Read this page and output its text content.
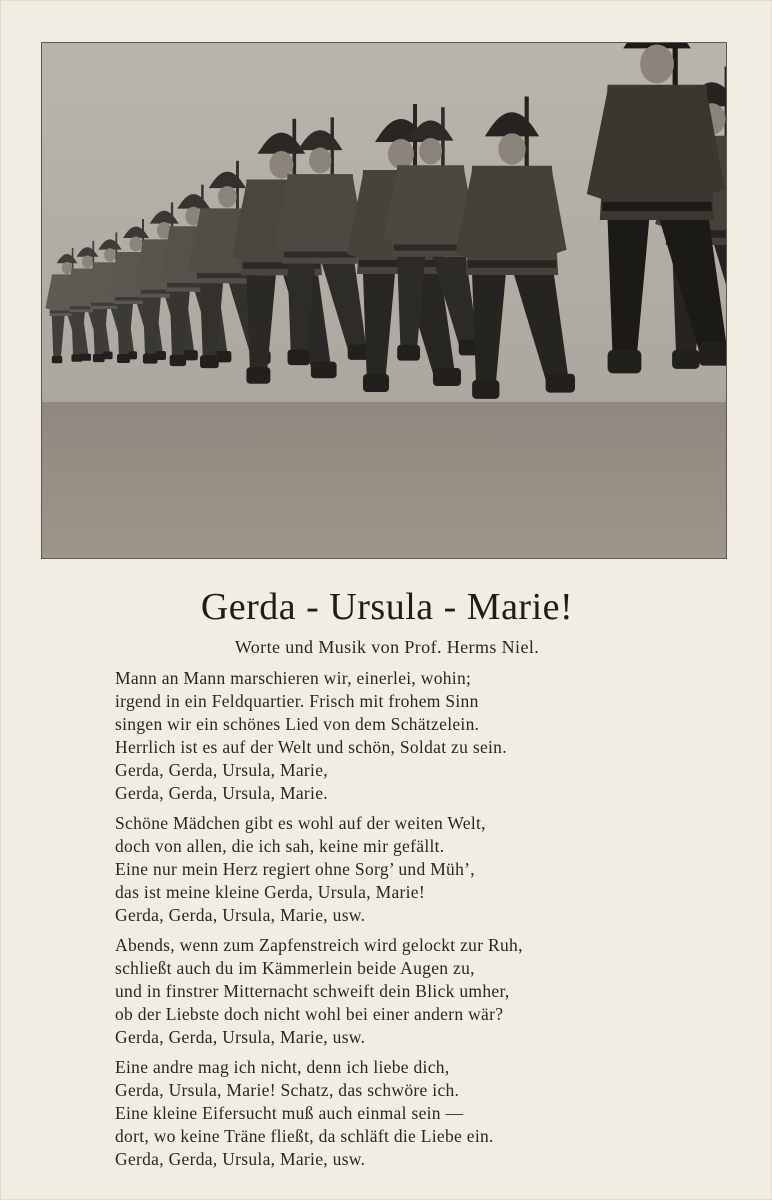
Gerda - Ursula - Marie!
Worte und Musik von Prof. Herms Niel.
Mann an Mann marschieren wir, einerlei, wohin;
irgend in ein Feldquartier. Frisch mit frohem Sinn
singen wir ein schönes Lied von dem Schätzelein.
Herrlich ist es auf der Welt und schön, Soldat zu sein.
Gerda, Gerda, Ursula, Marie,
Gerda, Gerda, Ursula, Marie.
Schöne Mädchen gibt es wohl auf der weiten Welt,
doch von allen, die ich sah, keine mir gefällt.
Eine nur mein Herz regiert ohne Sorg’ und Müh’,
das ist meine kleine Gerda, Ursula, Marie!
Gerda, Gerda, Ursula, Marie, usw.
Abends, wenn zum Zapfenstreich wird gelockt zur Ruh,
schließt auch du im Kämmerlein beide Augen zu,
und in finstrer Mitternacht schweift dein Blick umher,
ob der Liebste doch nicht wohl bei einer andern wär?
Gerda, Gerda, Ursula, Marie, usw.
Eine andre mag ich nicht, denn ich liebe dich,
Gerda, Ursula, Marie! Schatz, das schwöre ich.
Eine kleine Eifersucht muß auch einmal sein —
dort, wo keine Träne fließt, da schläft die Liebe ein.
Gerda, Gerda, Ursula, Marie, usw.
